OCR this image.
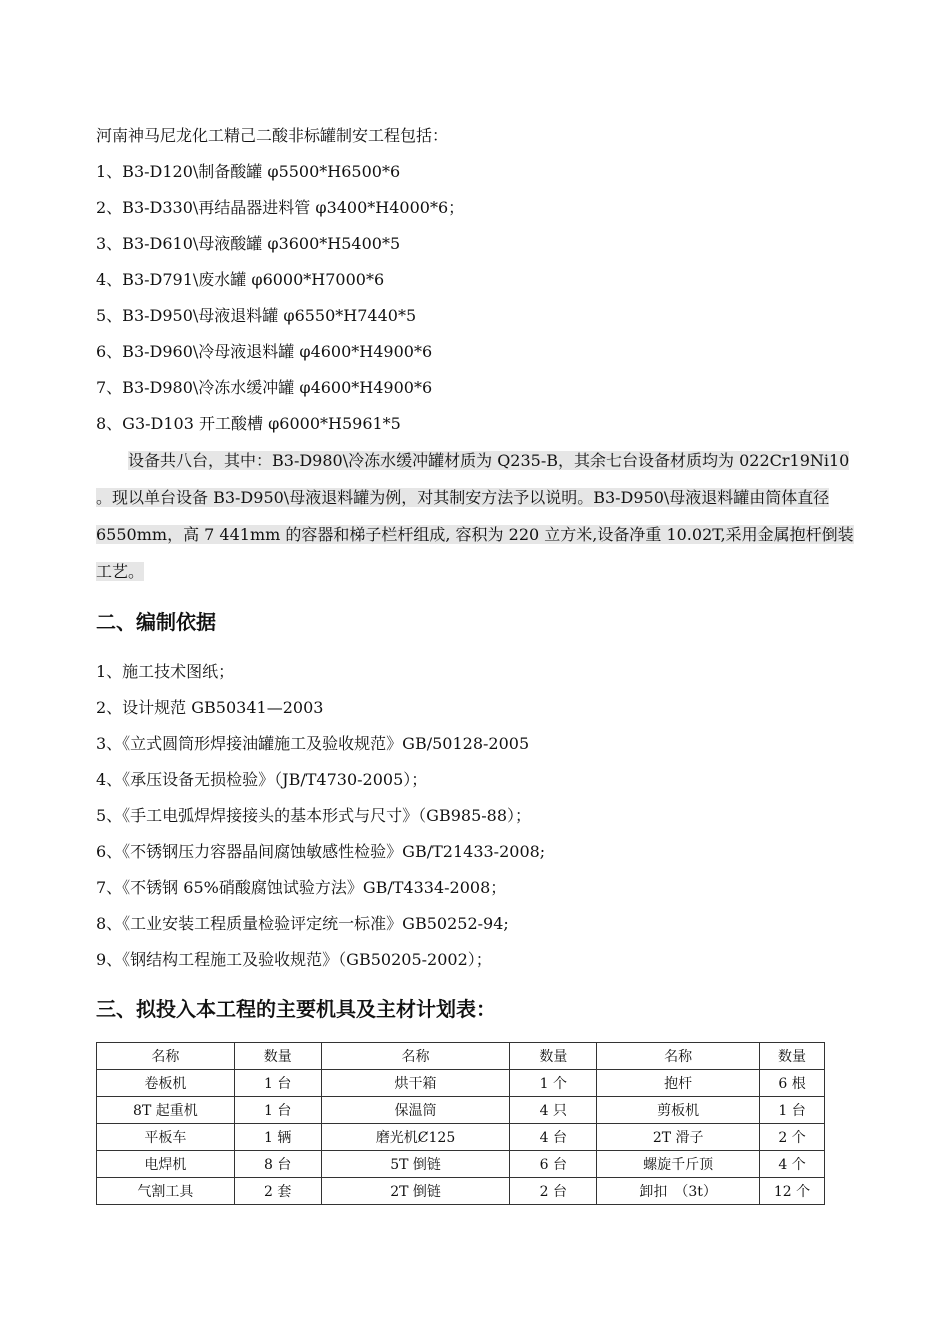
河南神马尼龙化工精己二酸非标罐制安工程包括：
1、B3-D120\制备酸罐 φ5500*H6500*6
2、B3-D330\再结晶器进料管 φ3400*H4000*6；
3、B3-D610\母液酸罐 φ3600*H5400*5
4、B3-D791\废水罐 φ6000*H7000*6
5、B3-D950\母液退料罐 φ6550*H7440*5
6、B3-D960\冷母液退料罐 φ4600*H4900*6
7、B3-D980\冷冻水缓冲罐 φ4600*H4900*6
8、G3-D103 开工酸槽 φ6000*H5961*5
设备共八台，其中：B3-D980\冷冻水缓冲罐材质为 Q235-B，其余七台设备材质均为 022Cr19Ni10 。现以单台设备 B3-D950\母液退料罐为例，对其制安方法予以说明。B3-D950\母液退料罐由筒体直径 6550mm，高 7 441mm 的容器和梯子栏杆组成, 容积为 220 立方米,设备净重 10.02T,采用金属抱杆倒装工艺。
二、编制依据
1、施工技术图纸；
2、设计规范 GB50341—2003
3、《立式圆筒形焊接油罐施工及验收规范》GB/50128-2005
4、《承压设备无损检验》（JB/T4730-2005）；
5、《手工电弧焊焊接接头的基本形式与尺寸》（GB985-88）；
6、《不锈钢压力容器晶间腐蚀敏感性检验》GB/T21433-2008;
7、《不锈钢 65%硝酸腐蚀试验方法》GB/T4334-2008；
8、《工业安装工程质量检验评定统一标准》GB50252-94;
9、《钢结构工程施工及验收规范》（GB50205-2002）；
三、拟投入本工程的主要机具及主材计划表：
名称	数量	名称	数量	名称	数量
卷板机	1 台	烘干箱	1 个	抱杆	6 根
8T 起重机	1 台	保温筒	4 只	剪板机	1 台
平板车	1 辆	磨光机Ȼ125	4 台	2T 滑子	2 个
电焊机	8 台	5T 倒链	6 台	螺旋千斤顶	4 个
气割工具	2 套	2T 倒链	2 台	卸扣　（3t）	12 个
